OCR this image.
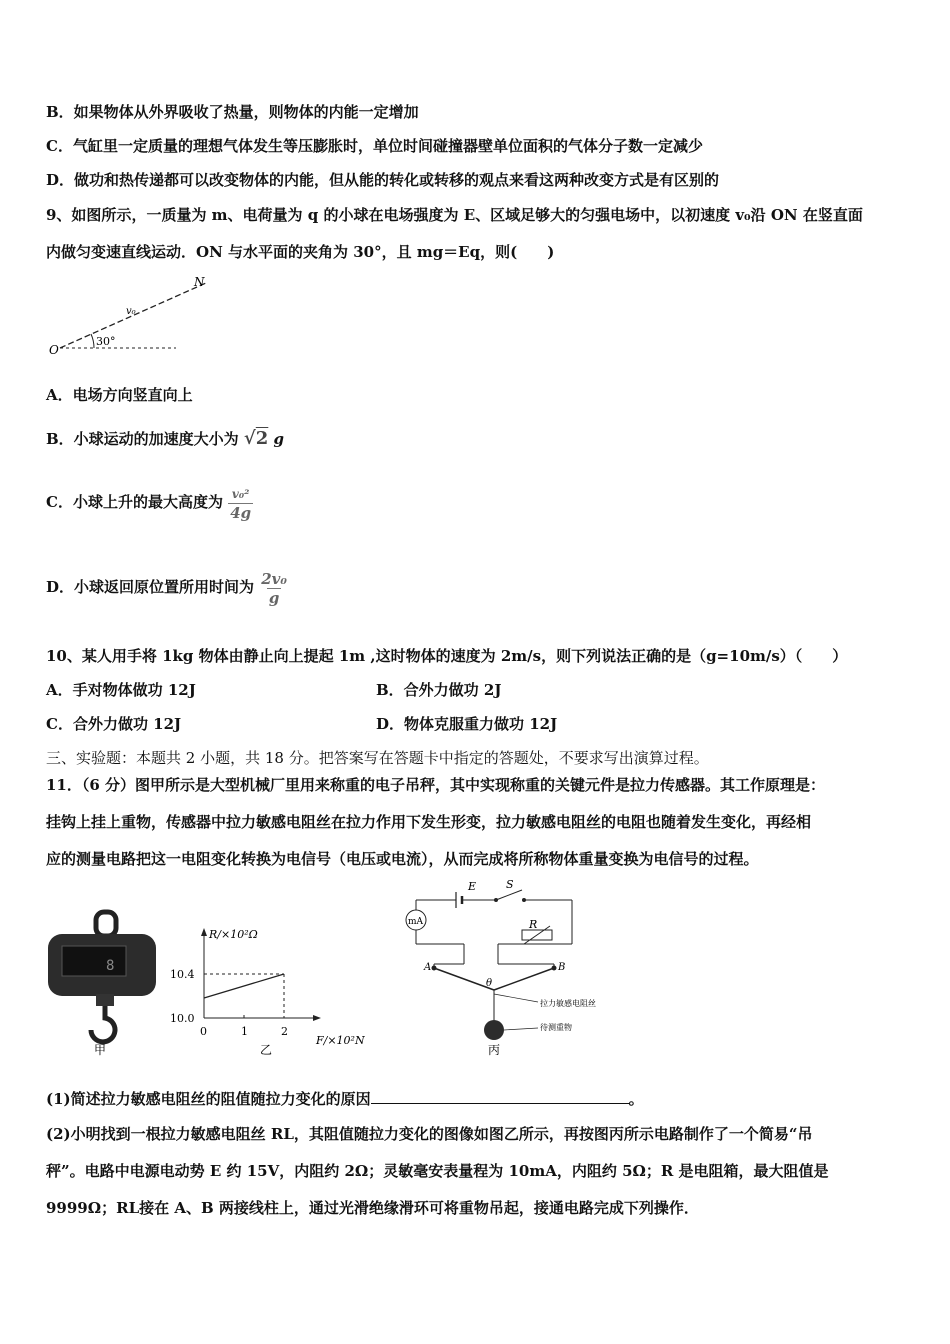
B．如果物体从外界吸收了热量，则物体的内能一定增加
C．气缸里一定质量的理想气体发生等压膨胀时，单位时间碰撞器壁单位面积的气体分子数一定减少
D．做功和热传递都可以改变物体的内能，但从能的转化或转移的观点来看这两种改变方式是有区别的
9、如图所示，一质量为 m、电荷量为 q 的小球在电场强度为 E、区域足够大的匀强电场中，以初速度 v₀沿 ON 在竖直面
内做匀变速直线运动．ON 与水平面的夹角为 30°，且 mg＝Eq，则(　　)
N
v₀
O
30°
A．电场方向竖直向上
B．小球运动的加速度大小为 √2 g
C．小球上升的最大高度为 $\frac{\text{v₀²}}{4g}$
D．小球返回原位置所用时间为 $\frac{\text{2v₀}}{g}$
10、某人用手将 1kg 物体由静止向上提起 1m ,这时物体的速度为 2m/s，则下列说法正确的是（g=10m/s）（　　）
A．手对物体做功 12J	B．合外力做功 2J
C．合外力做功 12J	D．物体克服重力做功 12J
三、实验题：本题共 2 小题，共 18 分。把答案写在答题卡中指定的答题处，不要求写出演算过程。
11．（6 分）图甲所示是大型机械厂里用来称重的电子吊秤，其中实现称重的关键元件是拉力传感器。其工作原理是：
挂钩上挂上重物，传感器中拉力敏感电阻丝在拉力作用下发生形变，拉力敏感电阻丝的电阻也随着发生变化，再经相
应的测量电路把这一电阻变化转换为电信号（电压或电流），从而完成将所称物体重量变换为电信号的过程。
8
甲
R/×10²Ω
F/×10²N
10.4
10.0
0	1	2
乙
mA
E	S
R
A	B
θ
拉力敏感电阻丝
待测重物
丙
(1)简述拉力敏感电阻丝的阻值随拉力变化的原因	。
(2)小明找到一根拉力敏感电阻丝 RL，其阻值随拉力变化的图像如图乙所示，再按图丙所示电路制作了一个简易“吊
秤”。电路中电源电动势 E 约 15V，内阻约 2Ω；灵敏毫安表量程为 10mA，内阻约 5Ω；R 是电阻箱，最大阻值是
9999Ω；RL接在 A、B 两接线柱上，通过光滑绝缘滑环可将重物吊起，接通电路完成下列操作．
